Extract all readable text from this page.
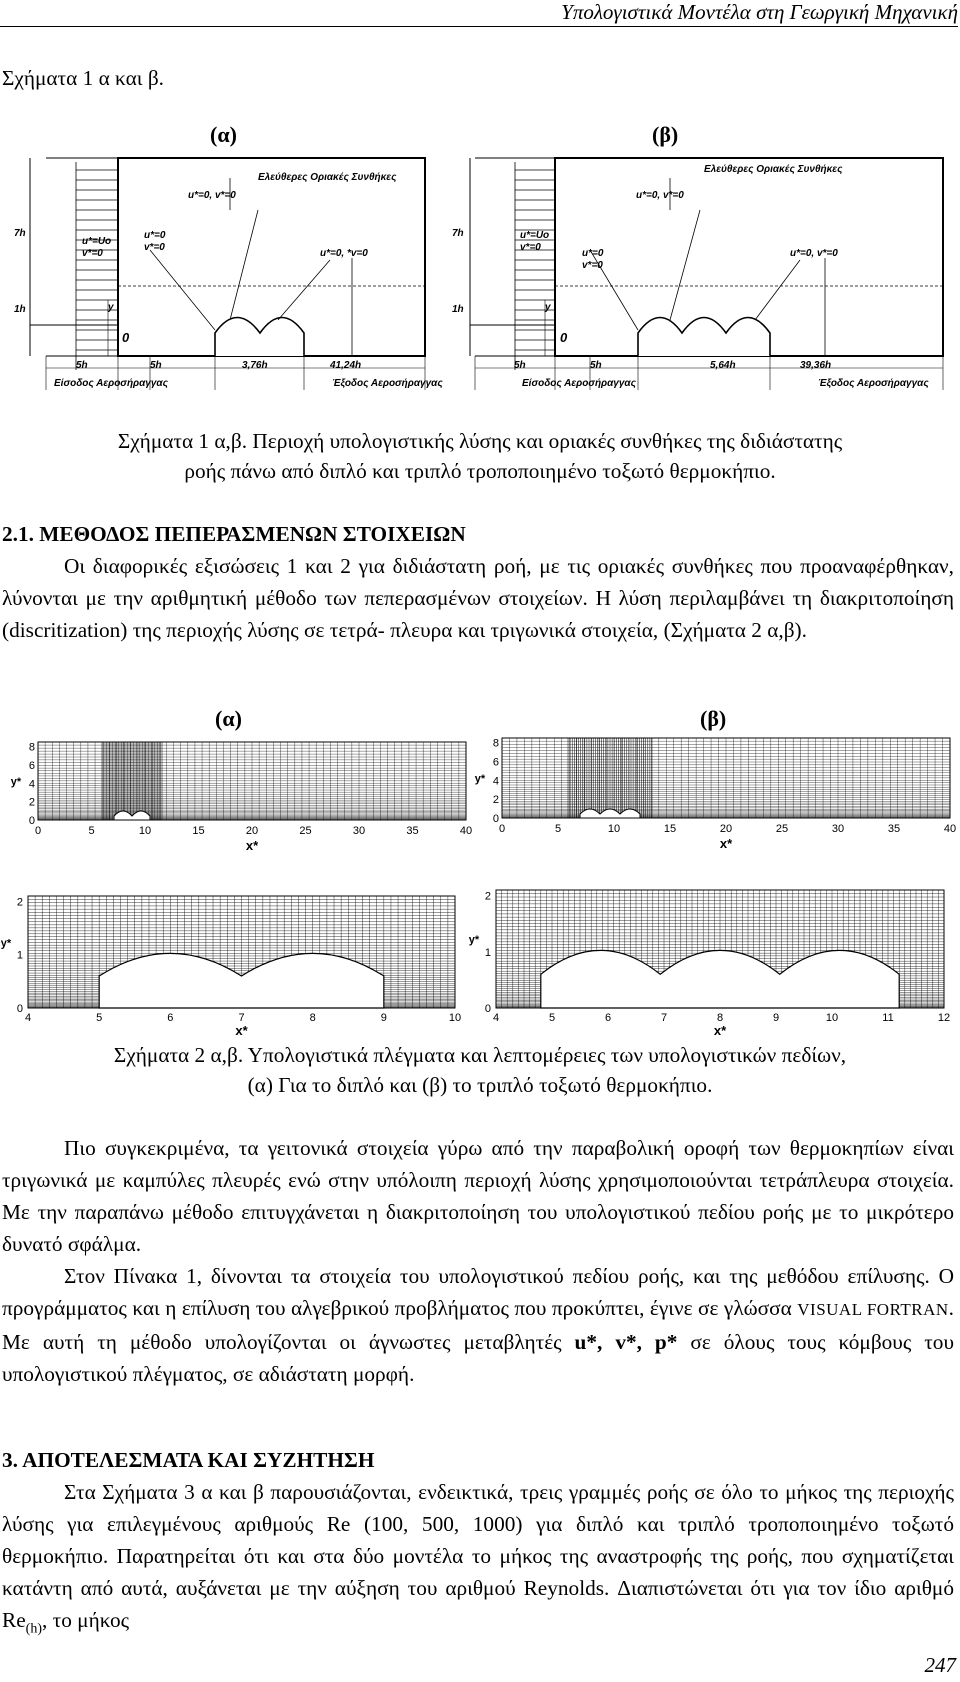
Υπολογιστικά Μοντέλα στη Γεωργική Μηχανική
Σχήματα 1 α και β.
(α)	(β)
Ελεύθερες Οριακές Συνθήκες
u*=0, v*=0
u*=Uo
v*=0
u*=0
v*=0
u*=0, *v=0
7h
1h	y
0
5h	5h	3,76h	41,24h
Είσοδος Αεροσήραγγας	Έξοδος Αεροσήραγγας
Ελεύθερες Οριακές Συνθήκες
u*=0, v*=0
u*=Uo
v*=0
u*=0
v*=0
u*=0, v*=0
7h
1h	y
0
5h	5h	5,64h	39,36h
Είσοδος Αεροσήραγγας	Έξοδος Αεροσήραγγας
Σχήματα 1 α,β. Περιοχή υπολογιστικής λύσης και οριακές συνθήκες της διδιάστατης
ροής πάνω από διπλό και τριπλό τροποποιημένο τοξωτό θερμοκήπιο.
2.1. ΜΕΘΟΔΟΣ ΠΕΠΕΡΑΣΜΕΝΩΝ ΣΤΟΙΧΕΙΩΝ
Οι διαφορικές εξισώσεις 1 και 2 για διδιάστατη ροή, με τις οριακές συνθήκες που προαναφέρθηκαν, λύνονται με την αριθμητική μέθοδο των πεπερασμένων στοιχείων. Η λύση περιλαμβάνει τη διακριτοποίηση (discritization) της περιοχής λύσης σε τετρά- πλευρα και τριγωνικά στοιχεία, (Σχήματα 2 α,β).
(α)	(β)
0	5	10	15	20	25	30	35	40
8
6
4
2
0
x*
y*
0	5	10	15	20	25	30	35	40
8
6
4
2
0
x*
y*
4	5	6	7	8	9	10
2
1
0
x*
y*
4	5	6	7	8	9	10	11	12
2
1
0
x*
y*
Σχήματα 2 α,β. Υπολογιστικά πλέγματα και λεπτομέρειες των υπολογιστικών πεδίων,
(α) Για το διπλό και (β) το τριπλό τοξωτό θερμοκήπιο.
Πιο συγκεκριμένα, τα γειτονικά στοιχεία γύρω από την παραβολική οροφή των θερμοκηπίων είναι τριγωνικά με καμπύλες πλευρές ενώ στην υπόλοιπη περιοχή λύσης χρησιμοποιούνται τετράπλευρα στοιχεία. Με την παραπάνω μέθοδο επιτυγχάνεται η διακριτοποίηση του υπολογιστικού πεδίου ροής με το μικρότερο δυνατό σφάλμα.
Στον Πίνακα 1, δίνονται τα στοιχεία του υπολογιστικού πεδίου ροής, και της μεθόδου επίλυσης. Ο προγράμματος και η επίλυση του αλγεβρικού προβλήματος που προκύπτει, έγινε σε γλώσσα VISUAL FORTRAN. Με αυτή τη μέθοδο υπολογίζονται οι άγνωστες μεταβλητές u*, v*, p* σε όλους τους κόμβους του υπολογιστικού πλέγματος, σε αδιάστατη μορφή.
3. ΑΠΟΤΕΛΕΣΜΑΤΑ ΚΑΙ ΣΥΖΗΤΗΣΗ
Στα Σχήματα 3 α και β παρουσιάζονται, ενδεικτικά, τρεις γραμμές ροής σε όλο το μήκος της περιοχής λύσης για επιλεγμένους αριθμούς Re (100, 500, 1000) για διπλό και τριπλό τροποποιημένο τοξωτό θερμοκήπιο. Παρατηρείται ότι και στα δύο μοντέλα το μήκος της αναστροφής της ροής, που σχηματίζεται κατάντη από αυτά, αυξάνεται με την αύξηση του αριθμού Reynolds. Διαπιστώνεται ότι για τον ίδιο αριθμό $Re_{(h)}$, το μήκος
247
